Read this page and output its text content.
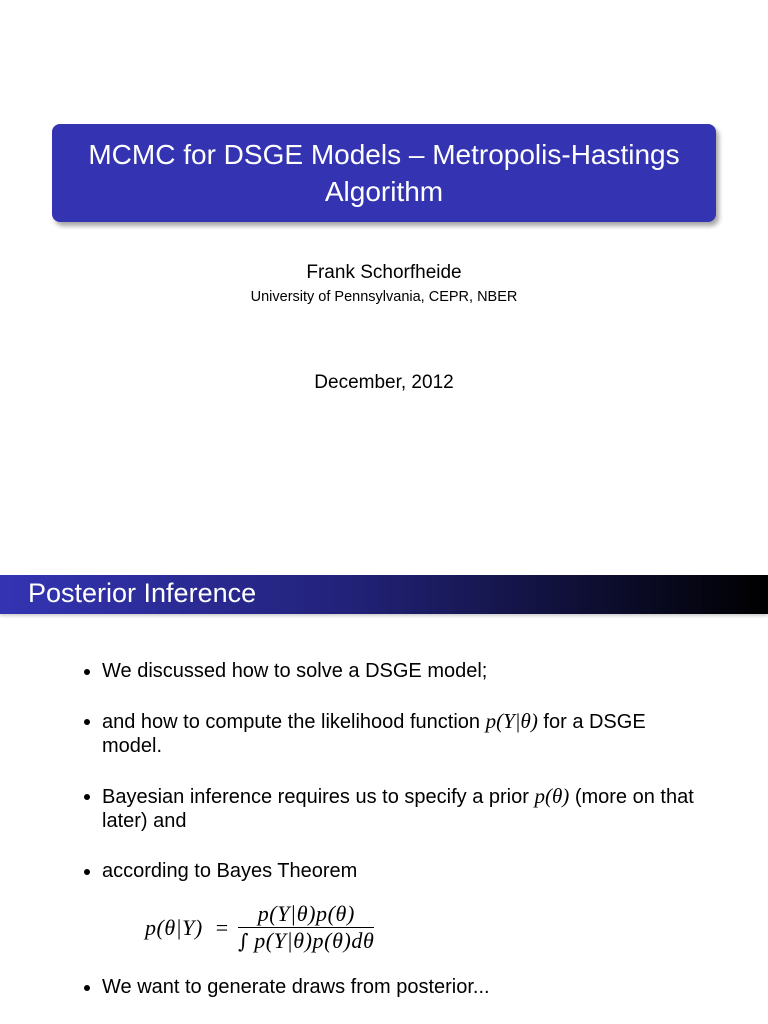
MCMC for DSGE Models – Metropolis-Hastings
Algorithm
Frank Schorfheide
University of Pennsylvania, CEPR, NBER
December, 2012
Posterior Inference
We discussed how to solve a DSGE model;
and how to compute the likelihood function p(Y|θ) for a DSGE
model.
Bayesian inference requires us to specify a prior p(θ) (more on that
later) and
according to Bayes Theorem
$p(\theta|Y) = \frac{p(Y|\theta)p(\theta)}{\int p(Y|\theta)p(\theta)d\theta}$
We want to generate draws from posterior...
